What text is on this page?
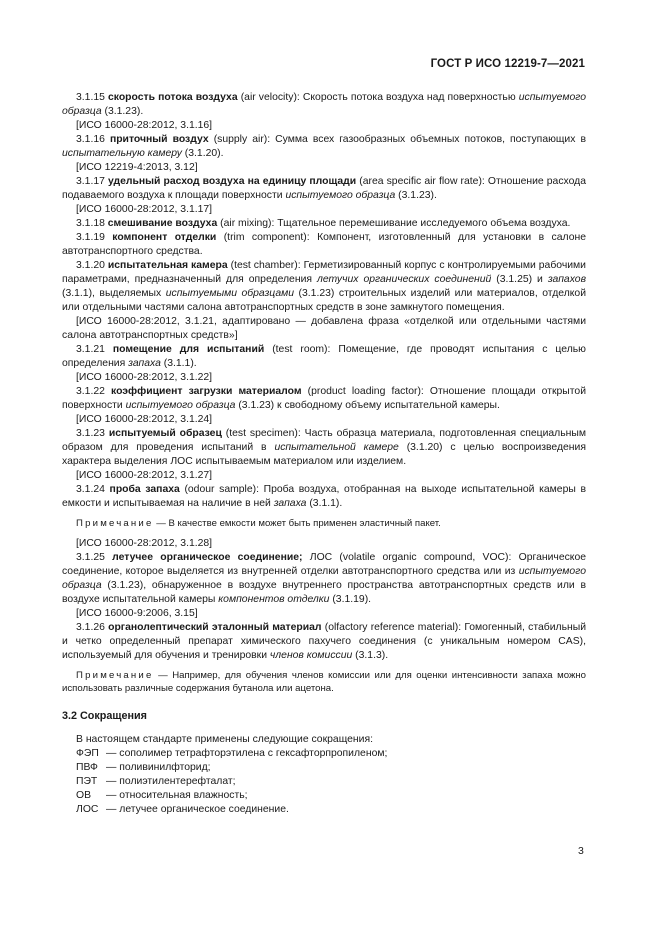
ГОСТ Р ИСО 12219-7—2021

3.1.15 скорость потока воздуха (air velocity): Скорость потока воздуха над поверхностью испытуемого образца (3.1.23).

[ИСО 16000-28:2012, 3.1.16]

3.1.16 приточный воздух (supply air): Сумма всех газообразных объемных потоков, поступающих в испытательную камеру (3.1.20).

[ИСО 12219-4:2013, 3.12]

3.1.17 удельный расход воздуха на единицу площади (area specific air flow rate): Отношение расхода подаваемого воздуха к площади поверхности испытуемого образца (3.1.23).

[ИСО 16000-28:2012, 3.1.17]

3.1.18 смешивание воздуха (air mixing): Тщательное перемешивание исследуемого объема воздуха.

3.1.19 компонент отделки (trim component): Компонент, изготовленный для установки в салоне автотранспортного средства.

3.1.20 испытательная камера (test chamber): Герметизированный корпус с контролируемыми рабочими параметрами, предназначенный для определения летучих органических соединений (3.1.25) и запахов (3.1.1), выделяемых испытуемыми образцами (3.1.23) строительных изделий или материалов, отделкой или отдельными частями салона автотранспортных средств в зоне замкнутого помещения.

[ИСО 16000-28:2012, 3.1.21, адаптировано — добавлена фраза «отделкой или отдельными частями салона автотранспортных средств»]

3.1.21 помещение для испытаний (test room): Помещение, где проводят испытания с целью определения запаха (3.1.1).

[ИСО 16000-28:2012, 3.1.22]

3.1.22 коэффициент загрузки материалом (product loading factor): Отношение площади открытой поверхности испытуемого образца (3.1.23) к свободному объему испытательной камеры.

[ИСО 16000-28:2012, 3.1.24]

3.1.23 испытуемый образец (test specimen): Часть образца материала, подготовленная специальным образом для проведения испытаний в испытательной камере (3.1.20) с целью воспроизведения характера выделения ЛОС испытываемым материалом или изделием.

[ИСО 16000-28:2012, 3.1.27]

3.1.24 проба запаха (odour sample): Проба воздуха, отобранная на выходе испытательной камеры в емкости и испытываемая на наличие в ней запаха (3.1.1).

Примечание — В качестве емкости может быть применен эластичный пакет.

[ИСО 16000-28:2012, 3.1.28]

3.1.25 летучее органическое соединение; ЛОС (volatile organic compound, VOC): Органическое соединение, которое выделяется из внутренней отделки автотранспортного средства или из испытуемого образца (3.1.23), обнаруженное в воздухе внутреннего пространства автотранспортных средств или в воздухе испытательной камеры компонентов отделки (3.1.19).

[ИСО 16000-9:2006, 3.15]

3.1.26 органолептический эталонный материал (olfactory reference material): Гомогенный, стабильный и четко определенный препарат химического пахучего соединения (с уникальным номером CAS), используемый для обучения и тренировки членов комиссии (3.1.3).

Примечание — Например, для обучения членов комиссии или для оценки интенсивности запаха можно использовать различные содержания бутанола или ацетона.

3.2 Сокращения

В настоящем стандарте применены следующие сокращения:

ФЭП — сополимер тетрафторэтилена с гексафторпропиленом;
ПВФ — поливинилфторид;
ПЭТ — полиэтилентерефталат;
ОВ	— относительная влажность;
ЛОС — летучее органическое соединение.
3
